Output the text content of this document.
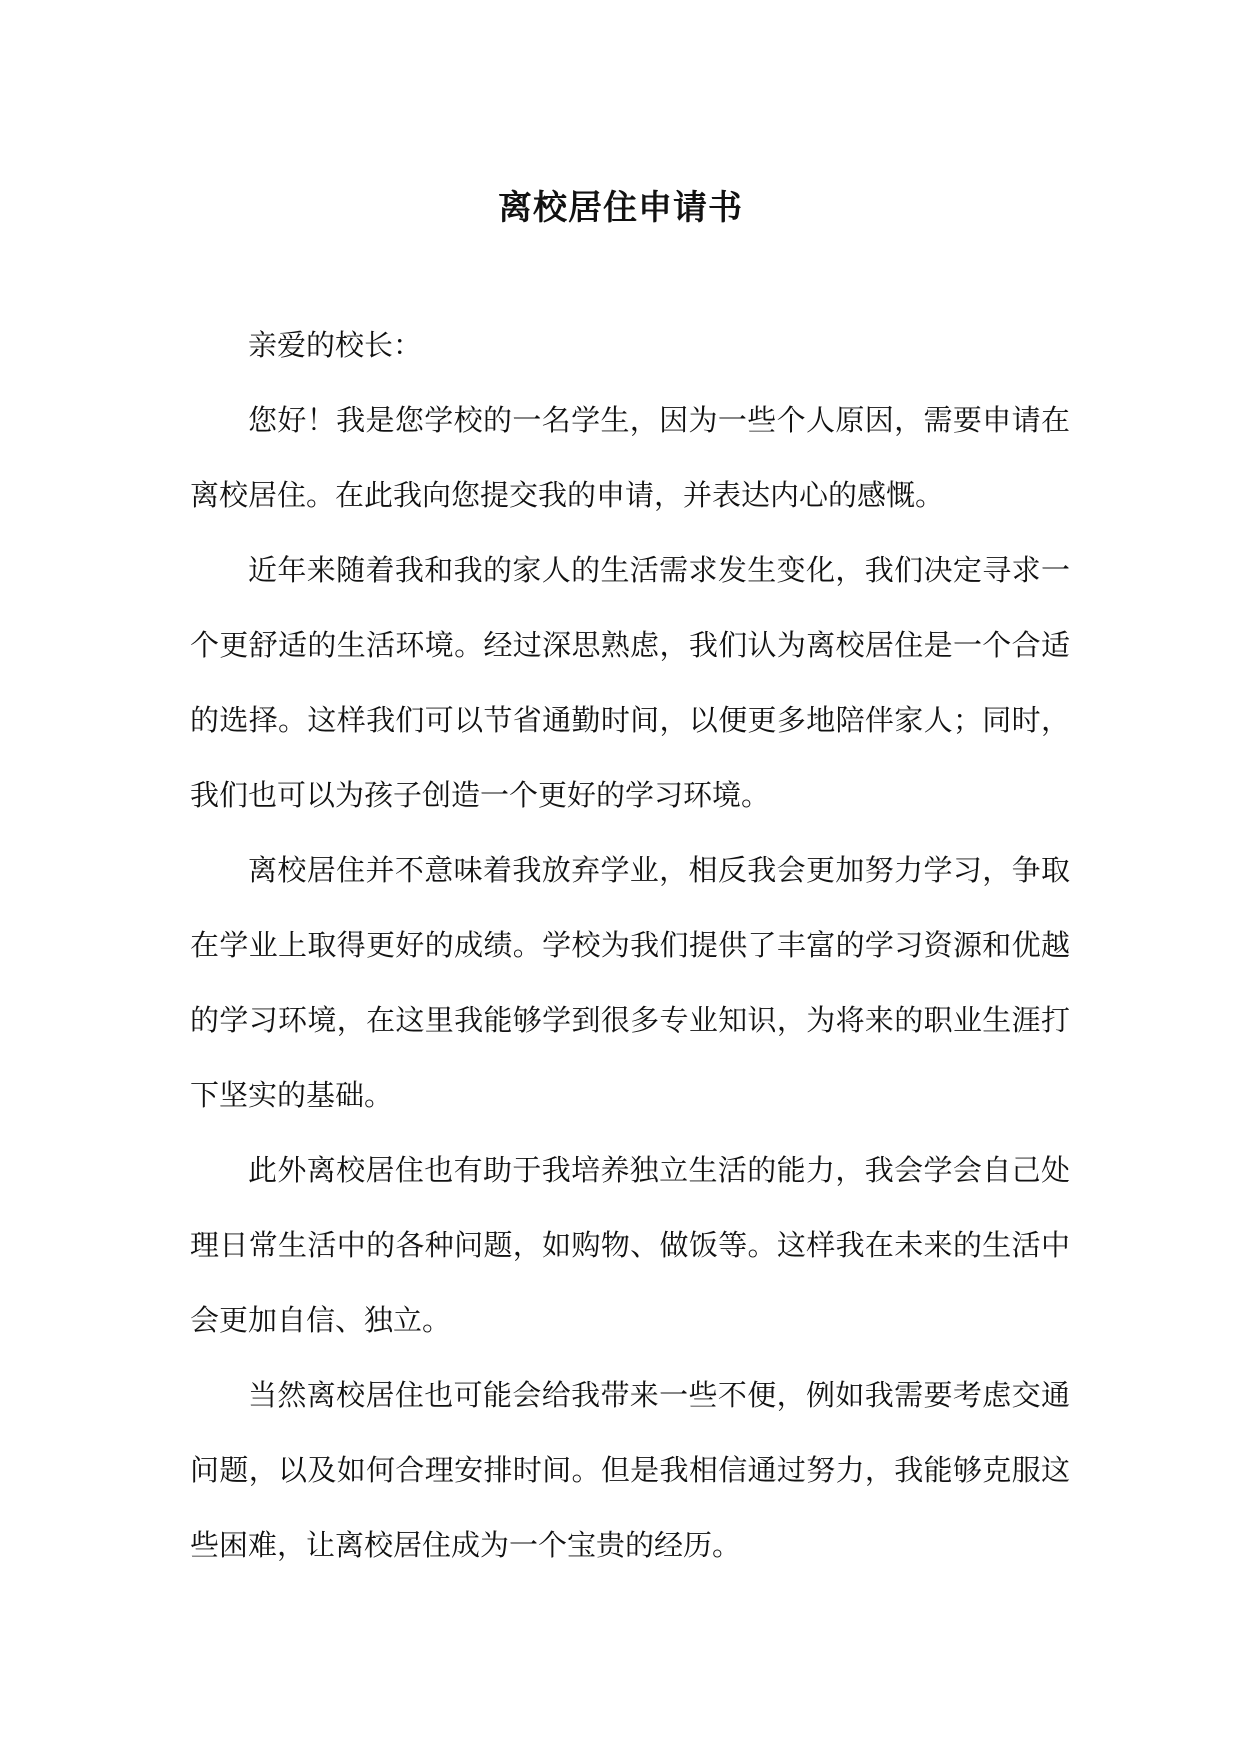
离校居住申请书

亲爱的校长：

您好！我是您学校的一名学生，因为一些个人原因，需要申请在离校居住。在此我向您提交我的申请，并表达内心的感慨。

近年来随着我和我的家人的生活需求发生变化，我们决定寻求一个更舒适的生活环境。经过深思熟虑，我们认为离校居住是一个合适的选择。这样我们可以节省通勤时间，以便更多地陪伴家人；同时，我们也可以为孩子创造一个更好的学习环境。

离校居住并不意味着我放弃学业，相反我会更加努力学习，争取在学业上取得更好的成绩。学校为我们提供了丰富的学习资源和优越的学习环境，在这里我能够学到很多专业知识，为将来的职业生涯打下坚实的基础。

此外离校居住也有助于我培养独立生活的能力，我会学会自己处理日常生活中的各种问题，如购物、做饭等。这样我在未来的生活中会更加自信、独立。

当然离校居住也可能会给我带来一些不便，例如我需要考虑交通问题，以及如何合理安排时间。但是我相信通过努力，我能够克服这些困难，让离校居住成为一个宝贵的经历。
